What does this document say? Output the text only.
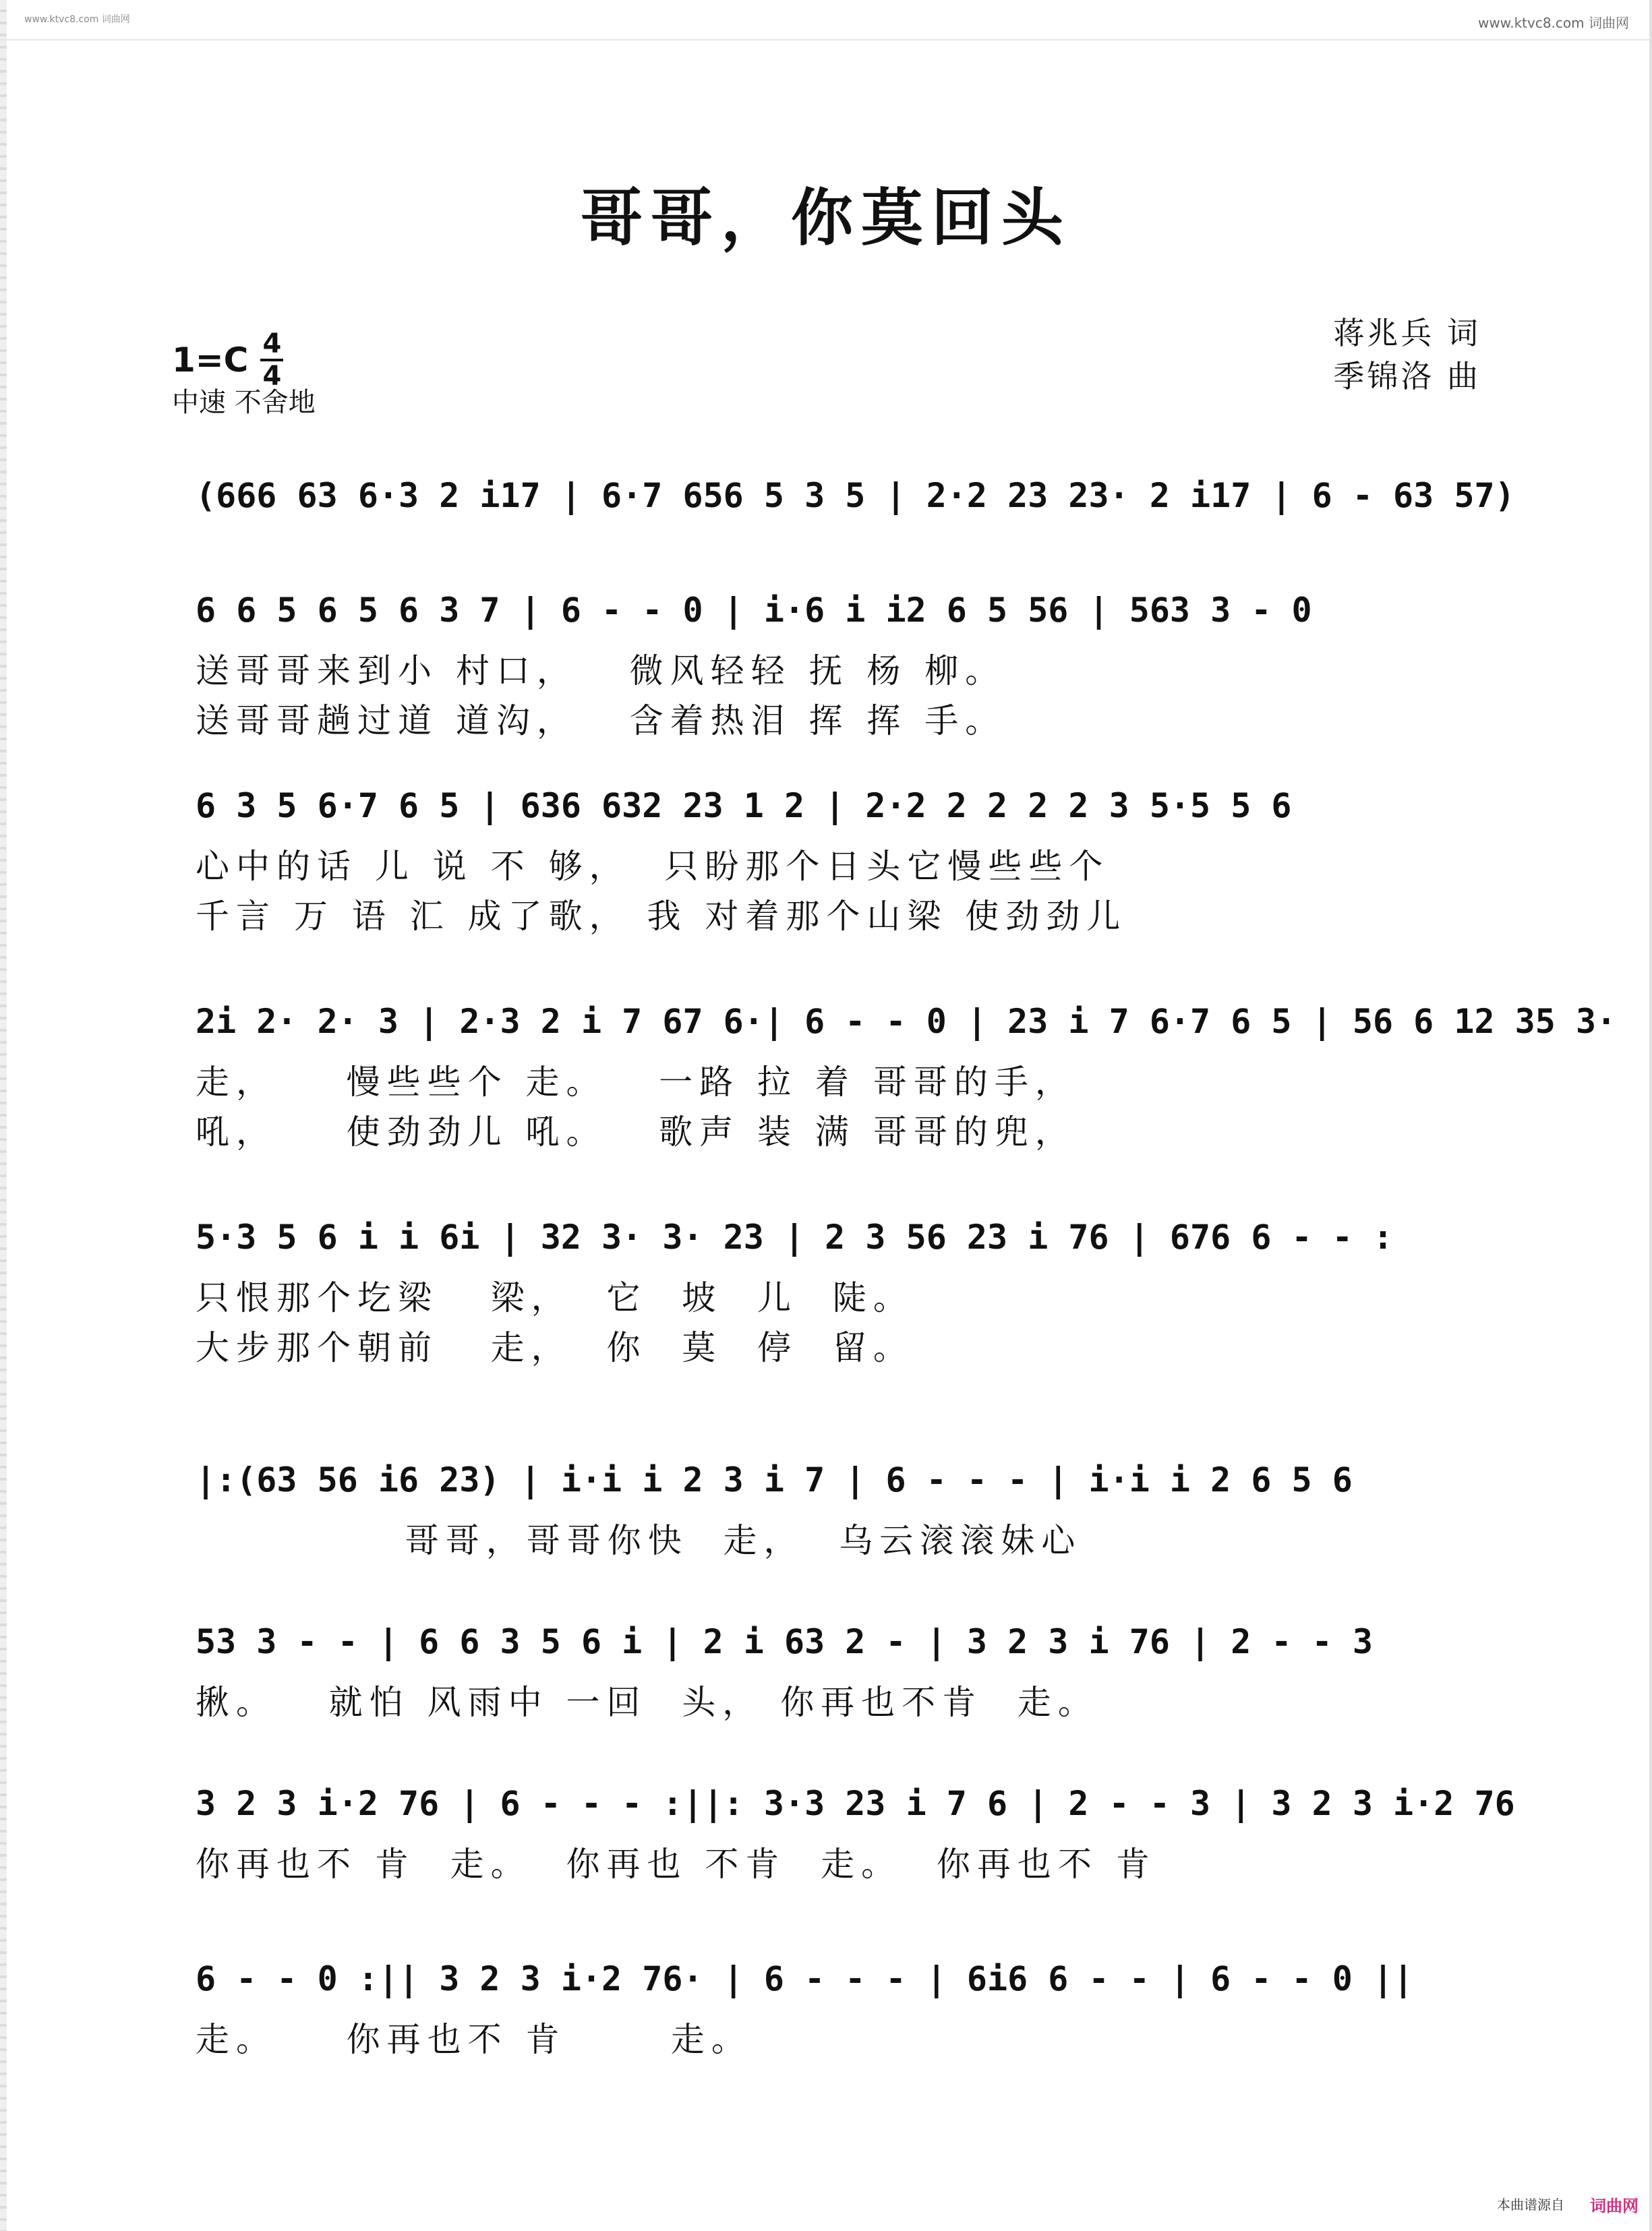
www.ktvc8.com 词曲网	www.ktvc8.com 词曲网
哥哥，你莫回头
$1=C \frac{4}{4}$
中速 不舍地
蒋兆兵 词
季锦洛 曲
(666 63 6·3 2 i17 | 6·7 656 5 3 5 | 2·2 23 23· 2 i17 | 6 - 63 57)
6 6 5 6 5 6 3 7 | 6 - - 0 | i·6 i i2 6 5 56 | 563 3 - 0
送哥哥来到小 村口，   微风轻轻 抚 杨 柳。
送哥哥趟过道 道沟，   含着热泪 挥 挥 手。
6 3 5 6·7 6 5 | 636 632 23 1 2 | 2·2 2 2 2 2 3 5·5 5 6
心中的话 儿 说 不 够，  只盼那个日头它慢些些个
千言 万 语 汇 成了歌， 我 对着那个山梁 使劲劲儿
2i 2· 2· 3 | 2·3 2 i 7 67 6·| 6 - - 0 | 23 i 7 6·7 6 5 | 56 6 12 35 3·
走，    慢些些个 走。   一路 拉 着 哥哥的手，
吼，    使劲劲儿 吼。   歌声 装 满 哥哥的兜，
5·3 5 6 i i 6i | 32 3· 3· 23 | 2 3 56 23 i 76 | 676 6 - - :
只恨那个圪梁   梁，  它  坡  儿  陡。
大步那个朝前   走，  你  莫  停  留。
|:(63 56 i6 23) | i·i i 2 3 i 7 | 6 - - - | i·i i 2 6 5 6
哥哥，哥哥你快  走，  乌云滚滚妹心
53 3 - - | 6 6 3 5 6 i | 2 i 63 2 - | 3 2 3 i 76 | 2 - - 3
揪。   就怕 风雨中 一回  头， 你再也不肯  走。
3 2 3 i·2 76 | 6 - - - :||: 3·3 23 i 7 6 | 2 - - 3 | 3 2 3 i·2 76
你再也不 肯  走。  你再也 不肯  走。  你再也不 肯
6 - - 0 :|| 3 2 3 i·2 76· | 6 - - - | 6i6 6 - - | 6 - - 0 ||
走。    你再也不 肯      走。
本曲谱源自 词曲网
